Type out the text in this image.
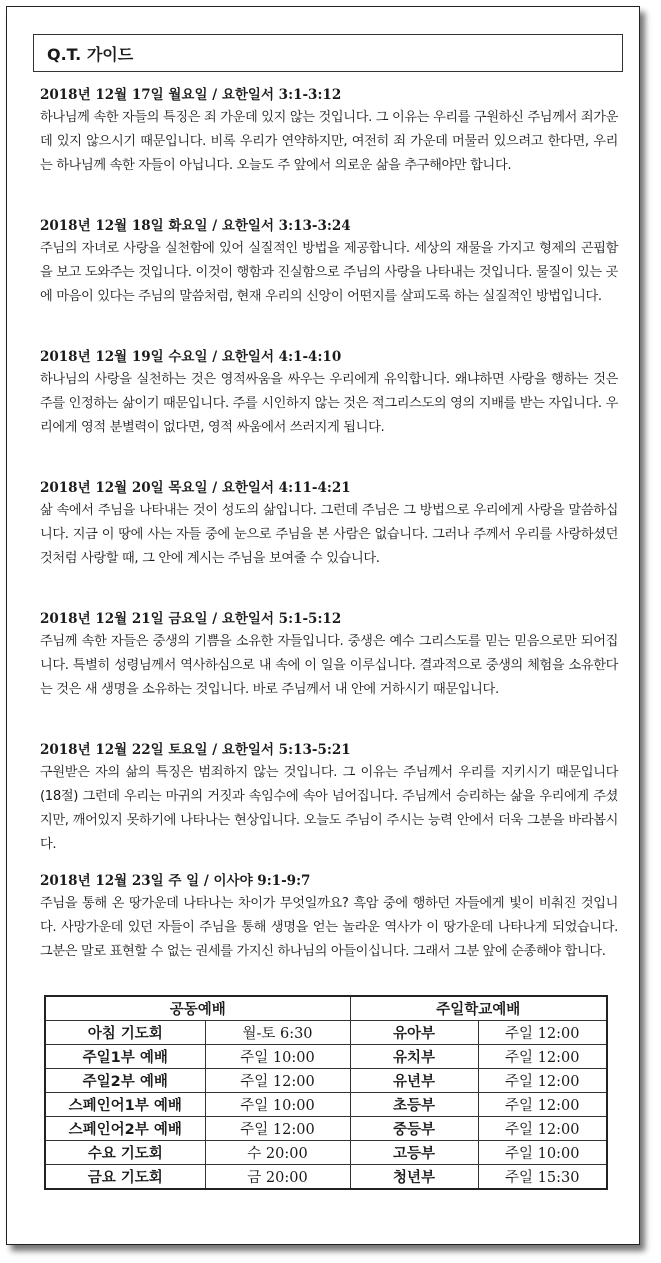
Q.T. 가이드
2018년 12월 17일 월요일 / 요한일서 3:1-3:12
하나님께 속한 자들의 특징은 죄 가운데 있지 않는 것입니다. 그 이유는 우리를 구원하신 주님께서 죄가운데 있지 않으시기 때문입니다. 비록 우리가 연약하지만, 여전히 죄 가운데 머물러 있으려고 한다면, 우리는 하나님께 속한 자들이 아닙니다. 오늘도 주 앞에서 의로운 삶을 추구해야만 합니다.
2018년 12월 18일 화요일 / 요한일서 3:13-3:24
주님의 자녀로 사랑을 실천함에 있어 실질적인 방법을 제공합니다. 세상의 재물을 가지고 형제의 곤핍함을 보고 도와주는 것입니다. 이것이 행함과 진실함으로 주님의 사랑을 나타내는 것입니다. 물질이 있는 곳에 마음이 있다는 주님의 말씀처럼, 현재 우리의 신앙이 어떤지를 살피도록 하는 실질적인 방법입니다.
2018년 12월 19일 수요일 / 요한일서 4:1-4:10
하나님의 사랑을 실천하는 것은 영적싸움을 싸우는 우리에게 유익합니다. 왜냐하면 사랑을 행하는 것은 주를 인정하는 삶이기 때문입니다. 주를 시인하지 않는 것은 적그리스도의 영의 지배를 받는 자입니다. 우리에게 영적 분별력이 없다면, 영적 싸움에서 쓰러지게 됩니다.
2018년 12월 20일 목요일 / 요한일서 4:11-4:21
삶 속에서 주님을 나타내는 것이 성도의 삶입니다. 그런데 주님은 그 방법으로 우리에게 사랑을 말씀하십니다. 지금 이 땅에 사는 자들 중에 눈으로 주님을 본 사람은 없습니다. 그러나 주께서 우리를 사랑하셨던 것처럼 사랑할 때, 그 안에 계시는 주님을 보여줄 수 있습니다.
2018년 12월 21일 금요일 / 요한일서 5:1-5:12
주님께 속한 자들은 중생의 기쁨을 소유한 자들입니다. 중생은 예수 그리스도를 믿는 믿음으로만 되어집니다. 특별히 성령님께서 역사하심으로 내 속에 이 일을 이루십니다. 결과적으로 중생의 체험을 소유한다는 것은 새 생명을 소유하는 것입니다. 바로 주님께서 내 안에 거하시기 때문입니다.
2018년 12월 22일 토요일 / 요한일서 5:13-5:21
구원받은 자의 삶의 특징은 범죄하지 않는 것입니다. 그 이유는 주님께서 우리를 지키시기 때문입니다(18절) 그런데 우리는 마귀의 거짓과 속임수에 속아 넘어집니다. 주님께서 승리하는 삶을 우리에게 주셨지만, 깨어있지 못하기에 나타나는 현상입니다. 오늘도 주님이 주시는 능력 안에서 더욱 그분을 바라봅시다.
2018년 12월 23일 주 일 / 이사야 9:1-9:7
주님을 통해 온 땅가운데 나타나는 차이가 무엇일까요? 흑암 중에 행하던 자들에게 빛이 비춰진 것입니다. 사망가운데 있던 자들이 주님을 통해 생명을 얻는 놀라운 역사가 이 땅가운데 나타나게 되었습니다. 그분은 말로 표현할 수 없는 권세를 가지신 하나님의 아들이십니다. 그래서 그분 앞에 순종해야 합니다.
공동예배		주일학교예배	
아침 기도회	월-토 6:30	유아부	주일 12:00
주일1부 예배	주일 10:00	유치부	주일 12:00
주일2부 예배	주일 12:00	유년부	주일 12:00
스페인어1부 예배	주일 10:00	초등부	주일 12:00
스페인어2부 예배	주일 12:00	중등부	주일 12:00
수요 기도회	수 20:00	고등부	주일 10:00
금요 기도회	금 20:00	청년부	주일 15:30
